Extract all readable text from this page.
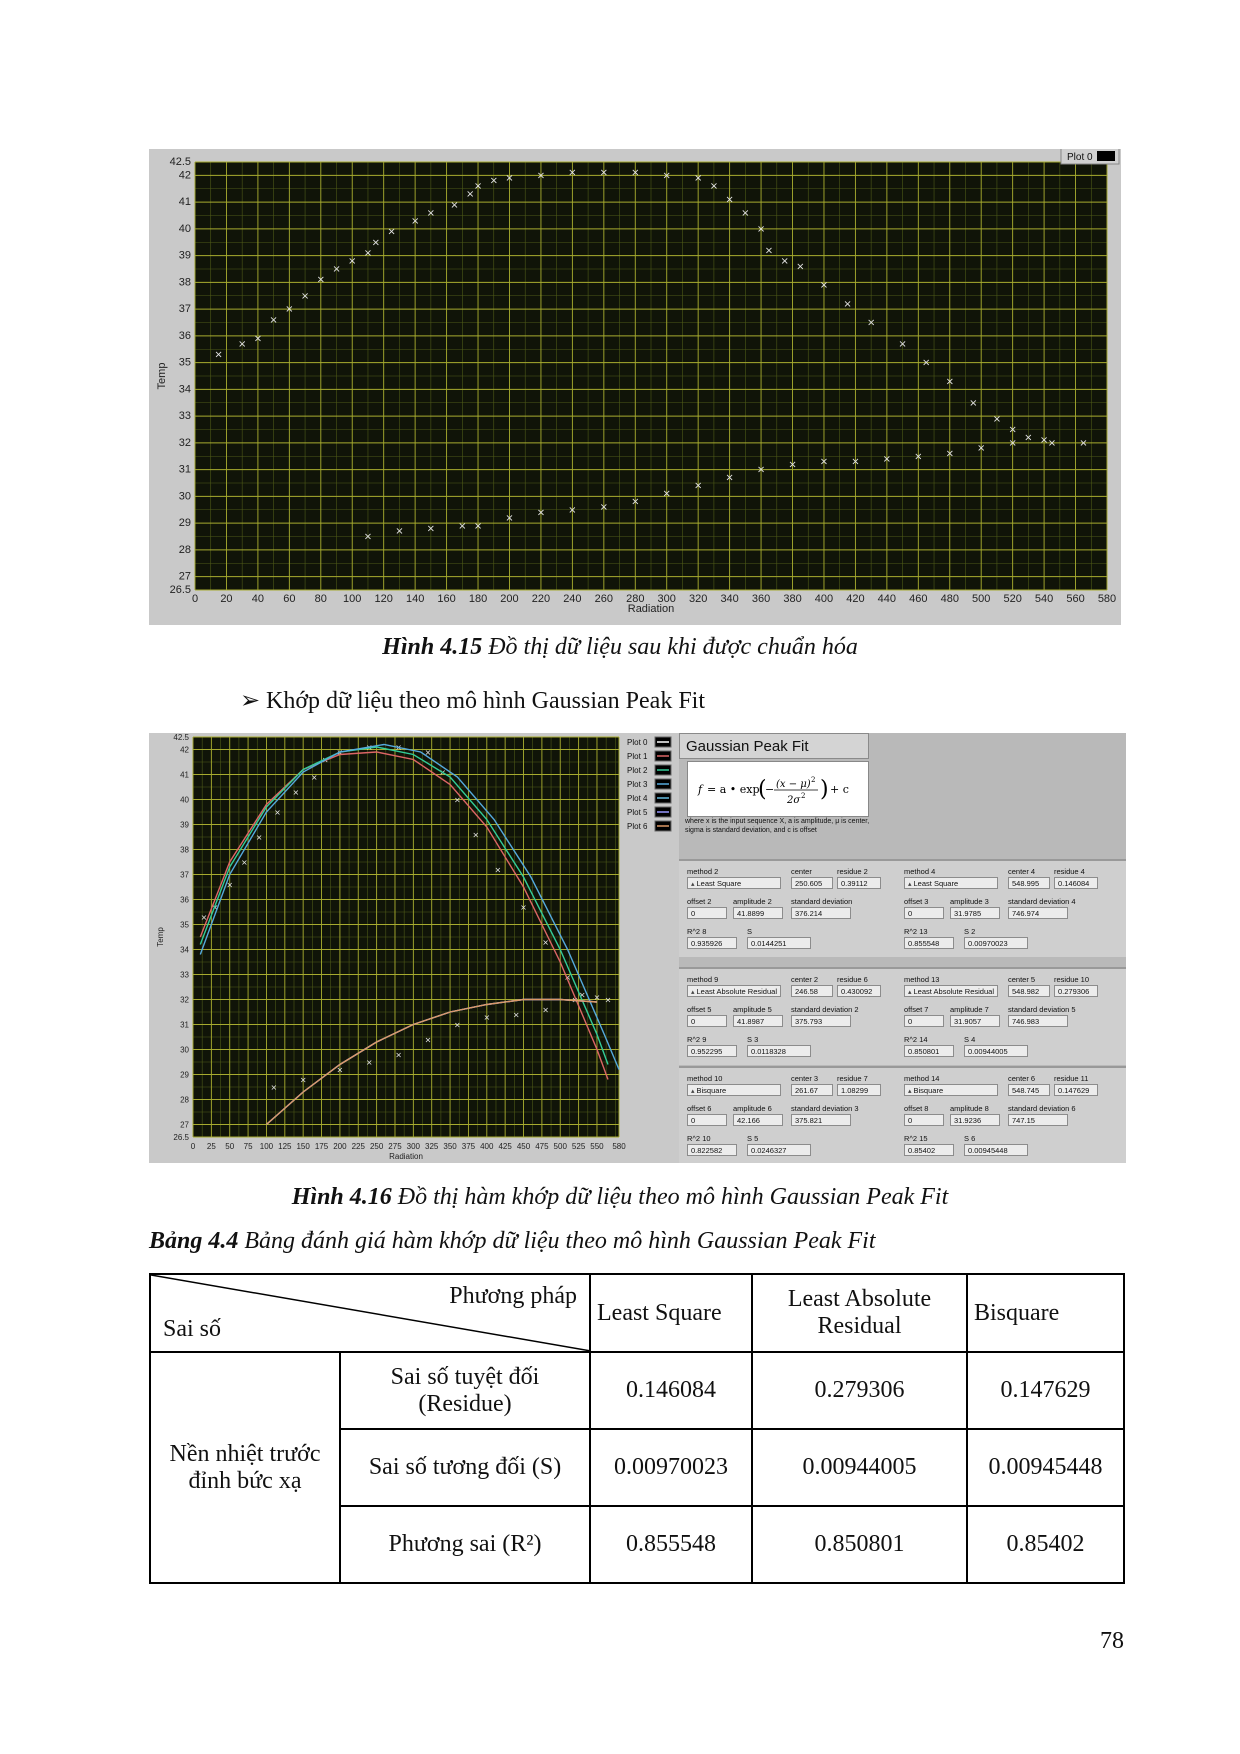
0 20 40 60 80 100 120 140 160 180 200 220 240 260 280 300 320 340 360 380 400 420 440 460 480 500 520 540 560 580
26.5
27
28
29
30
31
32
33
34
35
36
37
38
39
40
41
42
42.5
Radiation
Temp
×
× ×
×
×
×
×
×
×
×
×
×
×
×
×
×
× × × × × × × × ×
×
×
×
×
×
× ×
×
×
×
×
×
×
×
×
×
× × ×
× × × × ×
× × × × ×
×
×
×
× × × × × × × × × ×
Plot 0
Hình 4.15 Đồ thị dữ liệu sau khi được chuẩn hóa
➢ Khớp dữ liệu theo mô hình Gaussian Peak Fit
0 25 50 75 100 125 150 175 200 225 250 275 300 325 350 375 400 425 450 475 500 525 550 580
26.5
27
28
29
30
31
32
33
34
35
36
37
38
39
40
41
42
42.5
Radiation
Temp
×
×
×
×
×
×
×
×
×
×
×	×
×
×
×
×
×
×
×
×
×
×
×
×
×
×
×
×
×
×	×
×
× ×
Plot 0
Plot 1
Plot 2
Plot 3
Plot 4
Plot 5
Plot 6
Gaussian Peak Fit
f = a • exp
(
− (x − μ) 2
2σ 2 ) + c
where x is the input sequence X, a is amplitude, μ is center, sigma is standard deviation, and c is offset
method 2
▴ Least Square
center
250.605
residue 2
0.39112
offset 2
0
amplitude 2
41.8899
standard deviation
376.214
R^2 8
0.935926
S
0.0144251
method 4
▴ Least Square
center 4
548.995
residue 4
0.146084
offset 3
0
amplitude 3
31.9785
standard deviation 4
746.974
R^2 13
0.855548
S 2
0.00970023
method 9
▴ Least Absolute Residual
center 2
246.58
residue 6
0.430092
offset 5
0
amplitude 5
41.8987
standard deviation 2
375.793
R^2 9
0.952295
S 3
0.0118328
method 13
▴ Least Absolute Residual
center 5
548.982
residue 10
0.279306
offset 7
0
amplitude 7
31.9057
standard deviation 5
746.983
R^2 14
0.850801
S 4
0.00944005
method 10
▴ Bisquare
center 3
261.67
residue 7
1.08299
offset 6
0
amplitude 6
42.166
standard deviation 3
375.821
R^2 10
0.822582
S 5
0.0246327
method 14
▴ Bisquare
center 6
548.745
residue 11
0.147629
offset 8
0
amplitude 8
31.9236
standard deviation 6
747.15
R^2 15
0.85402
S 6
0.00945448
Hình 4.16 Đồ thị hàm khớp dữ liệu theo mô hình Gaussian Peak Fit
Bảng 4.4 Bảng đánh giá hàm khớp dữ liệu theo mô hình Gaussian Peak Fit
Phương pháp
Sai số		Least Square	Least Absolute Residual	Bisquare
Nền nhiệt trước đỉnh bức xạ	Sai số tuyệt đối (Residue)	0.146084	0.279306	0.147629
	Sai số tương đối (S)	0.00970023	0.00944005	0.00945448
	Phương sai (R²)	0.855548	0.850801	0.85402
78
